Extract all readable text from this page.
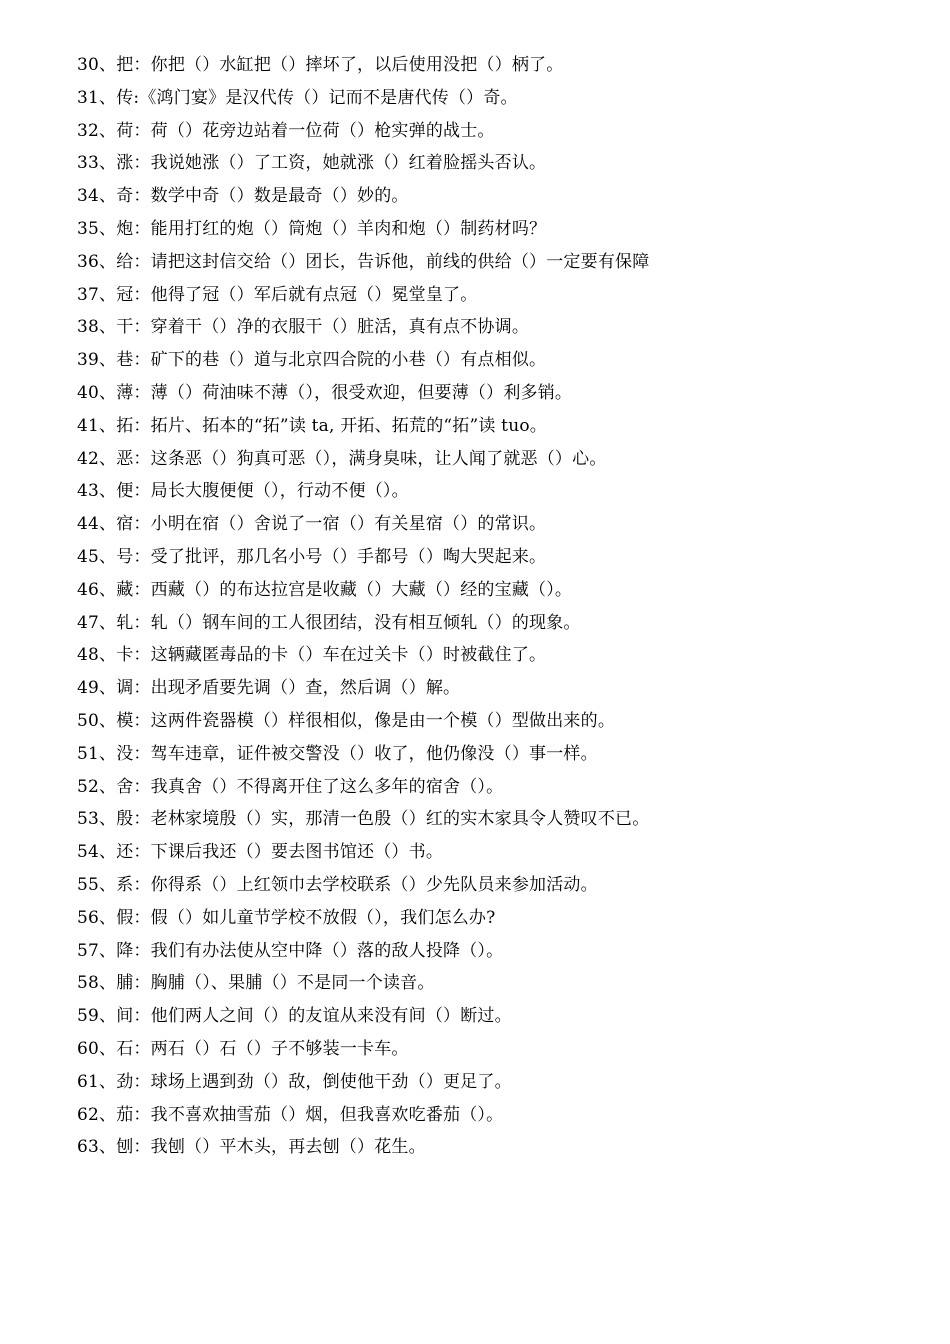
30、把：你把（）水缸把（）摔坏了，以后使用没把（）柄了。
31、传:《鸿门宴》是汉代传（）记而不是唐代传（）奇。
32、荷：荷（）花旁边站着一位荷（）枪实弹的战士。
33、涨：我说她涨（）了工资，她就涨（）红着脸摇头否认。
34、奇：数学中奇（）数是最奇（）妙的。
35、炮：能用打红的炮（）筒炮（）羊肉和炮（）制药材吗？
36、给：请把这封信交给（）团长，告诉他，前线的供给（）一定要有保障
37、冠：他得了冠（）军后就有点冠（）冕堂皇了。
38、干：穿着干（）净的衣服干（）脏活，真有点不协调。
39、巷：矿下的巷（）道与北京四合院的小巷（）有点相似。
40、薄：薄（）荷油味不薄（），很受欢迎，但要薄（）利多销。
41、拓：拓片、拓本的“拓”读 ta, 开拓、拓荒的“拓”读 tuo。
42、恶：这条恶（）狗真可恶（），满身臭味，让人闻了就恶（）心。
43、便：局长大腹便便（），行动不便（）。
44、宿：小明在宿（）舍说了一宿（）有关星宿（）的常识。
45、号：受了批评，那几名小号（）手都号（）啕大哭起来。
46、藏：西藏（）的布达拉宫是收藏（）大藏（）经的宝藏（）。
47、轧：轧（）钢车间的工人很团结，没有相互倾轧（）的现象。
48、卡：这辆藏匿毒品的卡（）车在过关卡（）时被截住了。
49、调：出现矛盾要先调（）查，然后调（）解。
50、模：这两件瓷器模（）样很相似，像是由一个模（）型做出来的。
51、没：驾车违章，证件被交警没（）收了，他仍像没（）事一样。
52、舍：我真舍（）不得离开住了这么多年的宿舍（）。
53、殷：老林家境殷（）实，那清一色殷（）红的实木家具令人赞叹不已。
54、还：下课后我还（）要去图书馆还（）书。
55、系：你得系（）上红领巾去学校联系（）少先队员来参加活动。
56、假：假（）如儿童节学校不放假（），我们怎么办?
57、降：我们有办法使从空中降（）落的敌人投降（）。
58、脯：胸脯（）、果脯（）不是同一个读音。
59、间：他们两人之间（）的友谊从来没有间（）断过。
60、石：两石（）石（）子不够装一卡车。
61、劲：球场上遇到劲（）敌，倒使他干劲（）更足了。
62、茄：我不喜欢抽雪茄（）烟，但我喜欢吃番茄（）。
63、刨：我刨（）平木头，再去刨（）花生。
